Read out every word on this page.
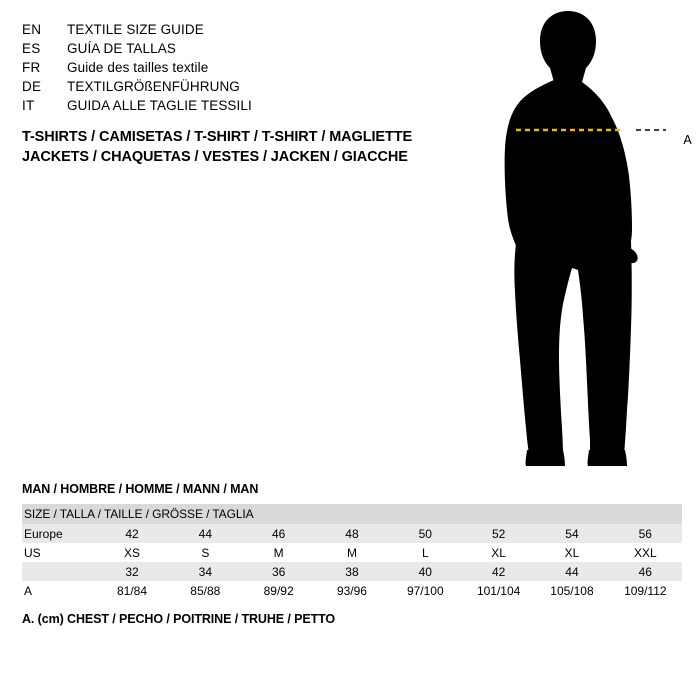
EN	TEXTILE SIZE GUIDE
ES	GUÍA DE TALLAS
FR	Guide des tailles textile
DE	TEXTILGRÖßENFÜHRUNG
IT	GUIDA ALLE TAGLIE TESSILI
T-SHIRTS / CAMISETAS / T-SHIRT / T-SHIRT / MAGLIETTE
JACKETS / CHAQUETAS / VESTES / JACKEN / GIACCHE
A
MAN / HOMBRE / HOMME / MANN / MAN
SIZE / TALLA / TAILLE / GRÖSSE / TAGLIA								
Europe	42	44	46	48	50	52	54	56
US	XS	S	M	M	L	XL	XL	XXL
	32	34	36	38	40	42	44	46
A	81/84	85/88	89/92	93/96	97/100	101/104	105/108	109/112
A. (cm) CHEST / PECHO / POITRINE / TRUHE / PETTO
